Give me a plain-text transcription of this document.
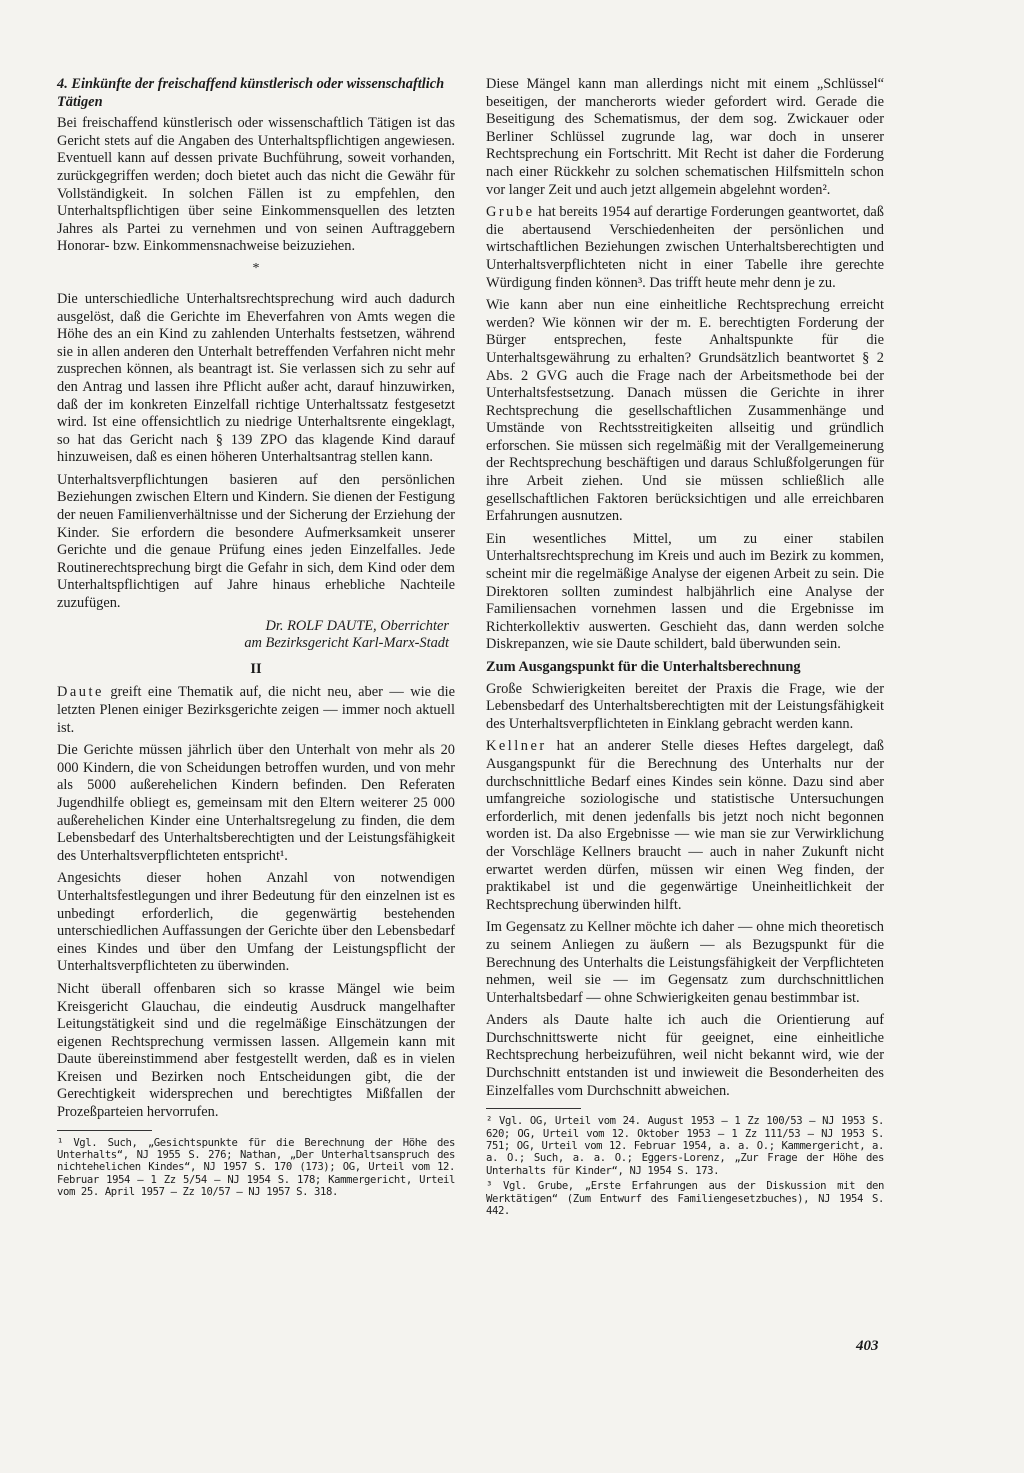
4. Einkünfte der freischaffend künstlerisch oder wissenschaftlich Tätigen

Bei freischaffend künstlerisch oder wissenschaftlich Tätigen ist das Gericht stets auf die Angaben des Unterhaltspflichtigen angewiesen. Eventuell kann auf dessen private Buchführung, soweit vorhanden, zurückgegriffen werden; doch bietet auch das nicht die Gewähr für Vollständigkeit. In solchen Fällen ist zu empfehlen, den Unterhaltspflichtigen über seine Einkommensquellen des letzten Jahres als Partei zu vernehmen und von seinen Auftraggebern Honorar- bzw. Einkommensnachweise beizuziehen.

*

Die unterschiedliche Unterhaltsrechtsprechung wird auch dadurch ausgelöst, daß die Gerichte im Eheverfahren von Amts wegen die Höhe des an ein Kind zu zahlenden Unterhalts festsetzen, während sie in allen anderen den Unterhalt betreffenden Verfahren nicht mehr zusprechen können, als beantragt ist. Sie verlassen sich zu sehr auf den Antrag und lassen ihre Pflicht außer acht, darauf hinzuwirken, daß der im konkreten Einzelfall richtige Unterhaltssatz festgesetzt wird. Ist eine offensichtlich zu niedrige Unterhaltsrente eingeklagt, so hat das Gericht nach § 139 ZPO das klagende Kind darauf hinzuweisen, daß es einen höheren Unterhaltsantrag stellen kann.

Unterhaltsverpflichtungen basieren auf den persönlichen Beziehungen zwischen Eltern und Kindern. Sie dienen der Festigung der neuen Familienverhältnisse und der Sicherung der Erziehung der Kinder. Sie erfordern die besondere Aufmerksamkeit unserer Gerichte und die genaue Prüfung eines jeden Einzelfalles. Jede Routinerechtsprechung birgt die Gefahr in sich, dem Kind oder dem Unterhaltspflichtigen auf Jahre hinaus erhebliche Nachteile zuzufügen.

Dr. ROLF DAUTE, Oberrichter
am Bezirksgericht Karl-Marx-Stadt
II

Daute greift eine Thematik auf, die nicht neu, aber — wie die letzten Plenen einiger Bezirksgerichte zeigen — immer noch aktuell ist.

Die Gerichte müssen jährlich über den Unterhalt von mehr als 20 000 Kindern, die von Scheidungen betroffen wurden, und von mehr als 5000 außerehelichen Kindern befinden. Den Referaten Jugendhilfe obliegt es, gemeinsam mit den Eltern weiterer 25 000 außerehelichen Kinder eine Unterhaltsregelung zu finden, die dem Lebensbedarf des Unterhaltsberechtigten und der Leistungsfähigkeit des Unterhaltsverpflichteten entspricht¹.

Angesichts dieser hohen Anzahl von notwendigen Unterhaltsfestlegungen und ihrer Bedeutung für den einzelnen ist es unbedingt erforderlich, die gegenwärtig bestehenden unterschiedlichen Auffassungen der Gerichte über den Lebensbedarf eines Kindes und über den Umfang der Leistungspflicht der Unterhaltsverpflichteten zu überwinden.

Nicht überall offenbaren sich so krasse Mängel wie beim Kreisgericht Glauchau, die eindeutig Ausdruck mangelhafter Leitungstätigkeit sind und die regelmäßige Einschätzungen der eigenen Rechtsprechung vermissen lassen. Allgemein kann mit Daute übereinstimmend aber festgestellt werden, daß es in vielen Kreisen und Bezirken noch Entscheidungen gibt, die der Gerechtigkeit widersprechen und berechtigtes Mißfallen der Prozeßparteien hervorrufen.

¹ Vgl. Such, „Gesichtspunkte für die Berechnung der Höhe des Unterhalts“, NJ 1955 S. 276; Nathan, „Der Unterhaltsanspruch des nichtehelichen Kindes“, NJ 1957 S. 170 (173); OG, Urteil vom 12. Februar 1954 — 1 Zz 5/54 — NJ 1954 S. 178; Kammergericht, Urteil vom 25. April 1957 — Zz 10/57 — NJ 1957 S. 318.

Diese Mängel kann man allerdings nicht mit einem „Schlüssel“ beseitigen, der mancherorts wieder gefordert wird. Gerade die Beseitigung des Schematismus, der dem sog. Zwickauer oder Berliner Schlüssel zugrunde lag, war doch in unserer Rechtsprechung ein Fortschritt. Mit Recht ist daher die Forderung nach einer Rückkehr zu solchen schematischen Hilfsmitteln schon vor langer Zeit und auch jetzt allgemein abgelehnt worden².

Grube hat bereits 1954 auf derartige Forderungen geantwortet, daß die abertausend Verschiedenheiten der persönlichen und wirtschaftlichen Beziehungen zwischen Unterhaltsberechtigten und Unterhaltsverpflichteten nicht in einer Tabelle ihre gerechte Würdigung finden können³. Das trifft heute mehr denn je zu.

Wie kann aber nun eine einheitliche Rechtsprechung erreicht werden? Wie können wir der m. E. berechtigten Forderung der Bürger entsprechen, feste Anhaltspunkte für die Unterhaltsgewährung zu erhalten? Grundsätzlich beantwortet § 2 Abs. 2 GVG auch die Frage nach der Arbeitsmethode bei der Unterhaltsfestsetzung. Danach müssen die Gerichte in ihrer Rechtsprechung die gesellschaftlichen Zusammenhänge und Umstände von Rechtsstreitigkeiten allseitig und gründlich erforschen. Sie müssen sich regelmäßig mit der Verallgemeinerung der Rechtsprechung beschäftigen und daraus Schlußfolgerungen für ihre Arbeit ziehen. Und sie müssen schließlich alle gesellschaftlichen Faktoren berücksichtigen und alle erreichbaren Erfahrungen ausnutzen.

Ein wesentliches Mittel, um zu einer stabilen Unterhaltsrechtsprechung im Kreis und auch im Bezirk zu kommen, scheint mir die regelmäßige Analyse der eigenen Arbeit zu sein. Die Direktoren sollten zumindest halbjährlich eine Analyse der Familiensachen vornehmen lassen und die Ergebnisse im Richterkollektiv auswerten. Geschieht das, dann werden solche Diskrepanzen, wie sie Daute schildert, bald überwunden sein.

Zum Ausgangspunkt für die Unterhaltsberechnung

Große Schwierigkeiten bereitet der Praxis die Frage, wie der Lebensbedarf des Unterhaltsberechtigten mit der Leistungsfähigkeit des Unterhaltsverpflichteten in Einklang gebracht werden kann.

Kellner hat an anderer Stelle dieses Heftes dargelegt, daß Ausgangspunkt für die Berechnung des Unterhalts nur der durchschnittliche Bedarf eines Kindes sein könne. Dazu sind aber umfangreiche soziologische und statistische Untersuchungen erforderlich, mit denen jedenfalls bis jetzt noch nicht begonnen worden ist. Da also Ergebnisse — wie man sie zur Verwirklichung der Vorschläge Kellners braucht — auch in naher Zukunft nicht erwartet werden dürfen, müssen wir einen Weg finden, der praktikabel ist und die gegenwärtige Uneinheitlichkeit der Rechtsprechung überwinden hilft.

Im Gegensatz zu Kellner möchte ich daher — ohne mich theoretisch zu seinem Anliegen zu äußern — als Bezugspunkt für die Berechnung des Unterhalts die Leistungsfähigkeit der Verpflichteten nehmen, weil sie — im Gegensatz zum durchschnittlichen Unterhaltsbedarf — ohne Schwierigkeiten genau bestimmbar ist.

Anders als Daute halte ich auch die Orientierung auf Durchschnittswerte nicht für geeignet, eine einheitliche Rechtsprechung herbeizuführen, weil nicht bekannt wird, wie der Durchschnitt entstanden ist und inwieweit die Besonderheiten des Einzelfalles vom Durchschnitt abweichen.

² Vgl. OG, Urteil vom 24. August 1953 — 1 Zz 100/53 — NJ 1953 S. 620; OG, Urteil vom 12. Oktober 1953 — 1 Zz 111/53 — NJ 1953 S. 751; OG, Urteil vom 12. Februar 1954, a. a. O.; Kammergericht, a. a. O.; Such, a. a. O.; Eggers-Lorenz, „Zur Frage der Höhe des Unterhalts für Kinder“, NJ 1954 S. 173.
³ Vgl. Grube, „Erste Erfahrungen aus der Diskussion mit den Werktätigen“ (Zum Entwurf des Familiengesetzbuches), NJ 1954 S. 442.
403
